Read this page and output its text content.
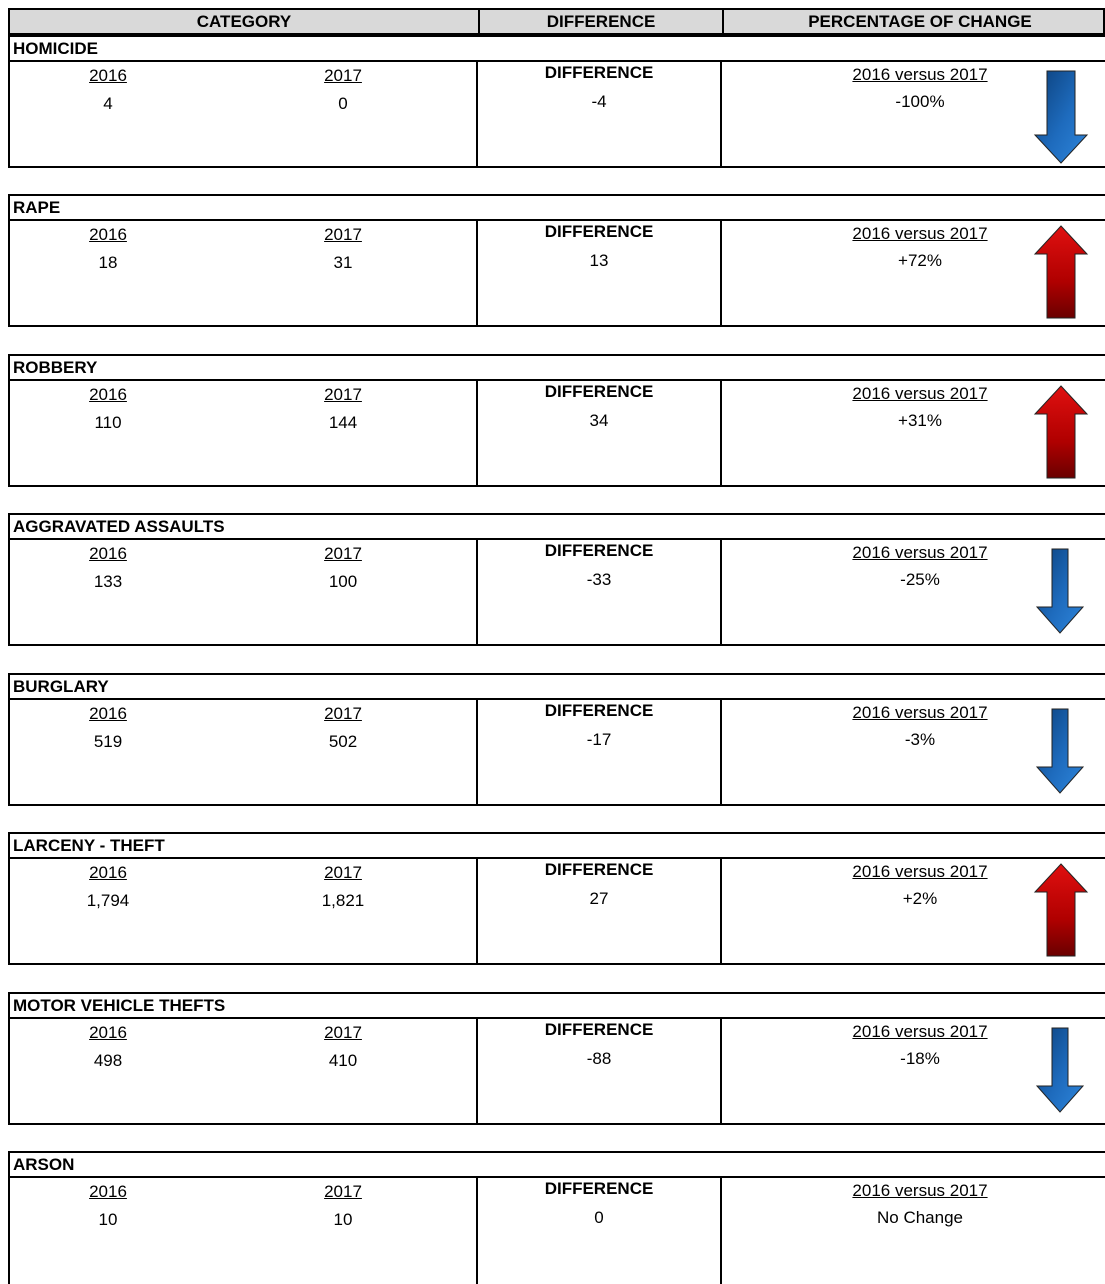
CATEGORY	DIFFERENCE	PERCENTAGE OF CHANGE
HOMICIDE
2016
4
2017
0
DIFFERENCE
-4
2016 versus 2017
-100%
RAPE
2016
18
2017
31
DIFFERENCE
13
2016 versus 2017
+72%
ROBBERY
2016
110
2017
144
DIFFERENCE
34
2016 versus 2017
+31%
AGGRAVATED ASSAULTS
2016
133
2017
100
DIFFERENCE
-33
2016 versus 2017
-25%
BURGLARY
2016
519
2017
502
DIFFERENCE
-17
2016 versus 2017
-3%
LARCENY - THEFT
2016
1,794
2017
1,821
DIFFERENCE
27
2016 versus 2017
+2%
MOTOR VEHICLE THEFTS
2016
498
2017
410
DIFFERENCE
-88
2016 versus 2017
-18%
ARSON
2016
10
2017
10
DIFFERENCE
0
2016 versus 2017
No Change
